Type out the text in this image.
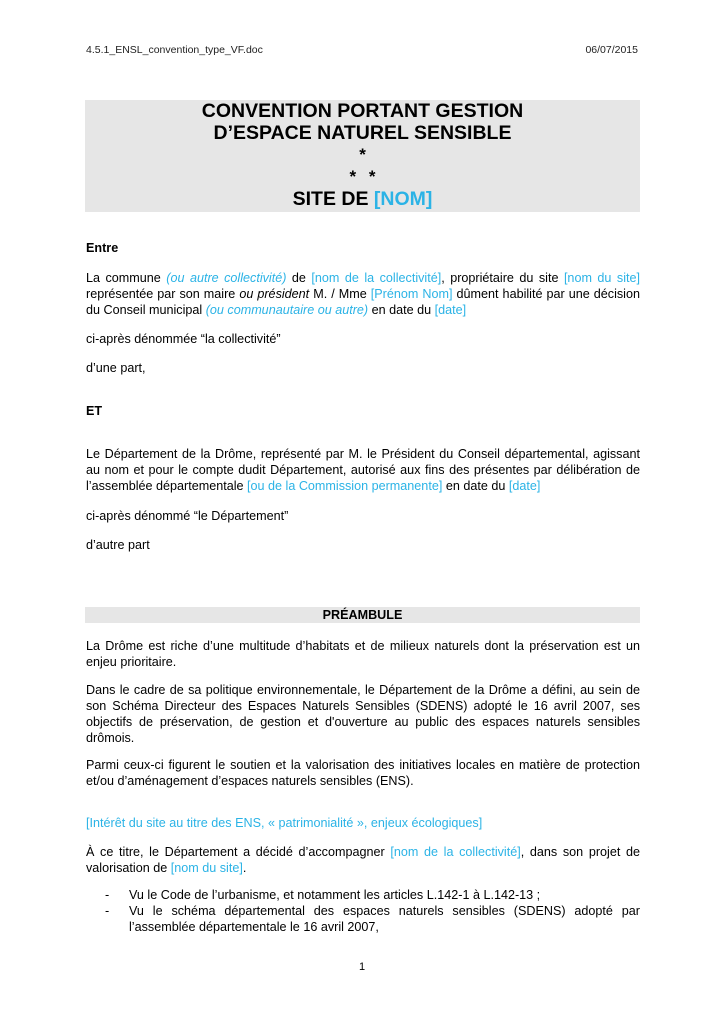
4.5.1_ENSL_convention_type_VF.doc	06/07/2015
CONVENTION PORTANT GESTION
D’ESPACE NATUREL SENSIBLE
*
* *
SITE DE [NOM]
Entre
La commune (ou autre collectivité) de [nom de la collectivité], propriétaire du site [nom du site] représentée par son maire ou président M. / Mme [Prénom Nom] dûment habilité par une décision du Conseil municipal (ou communautaire ou autre) en date du [date]
ci-après dénommée “la collectivité”
d’une part,
ET
Le Département de la Drôme, représenté par M. le Président du Conseil départemental, agissant au nom et pour le compte dudit Département, autorisé aux fins des présentes par délibération de l’assemblée départementale [ou de la Commission permanente] en date du [date]
ci-après dénommé “le Département”
d’autre part
PRÉAMBULE
La Drôme est riche d’une multitude d’habitats et de milieux naturels dont la préservation est un enjeu prioritaire.
Dans le cadre de sa politique environnementale, le Département de la Drôme a défini, au sein de son Schéma Directeur des Espaces Naturels Sensibles (SDENS) adopté le 16 avril 2007, ses objectifs de préservation, de gestion et d'ouverture au public des espaces naturels sensibles drômois.
Parmi ceux-ci figurent le soutien et la valorisation des initiatives locales en matière de protection et/ou d’aménagement d’espaces naturels sensibles (ENS).
[Intérêt du site au titre des ENS, « patrimonialité », enjeux écologiques]
À ce titre, le Département a décidé d’accompagner [nom de la collectivité], dans son projet de valorisation de [nom du site].
- Vu le Code de l’urbanisme, et notamment les articles L.142-1 à L.142-13 ;
- Vu le schéma départemental des espaces naturels sensibles (SDENS) adopté par l’assemblée départementale le 16 avril 2007,
1
